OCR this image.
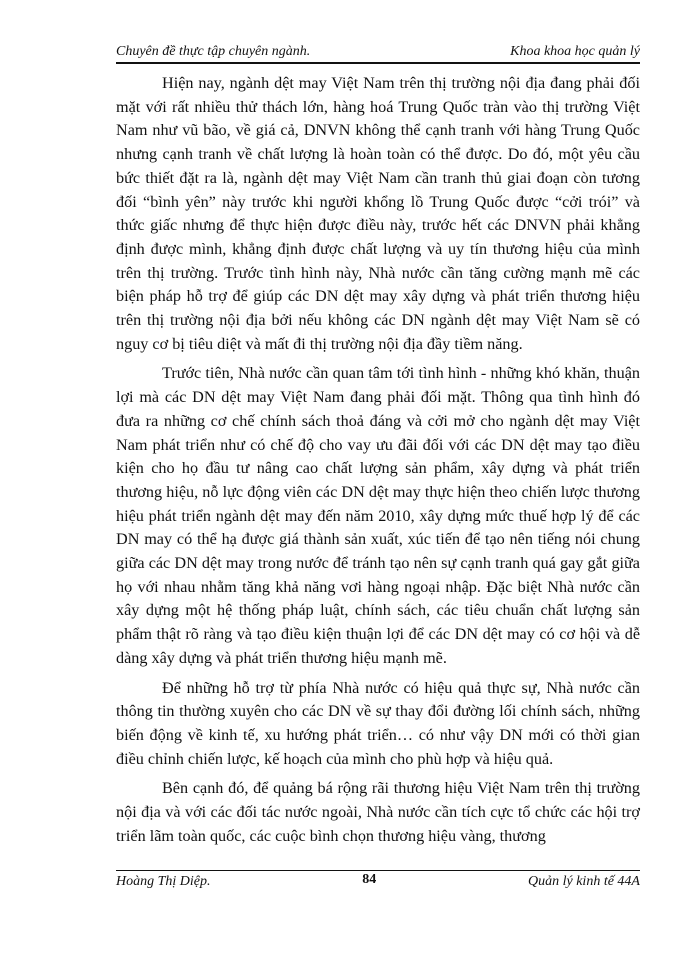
Chuyên đề thực tập chuyên ngành.	Khoa khoa học quản lý

Hiện nay, ngành dệt may Việt Nam trên thị trường nội địa đang phải đối mặt với rất nhiều thử thách lớn, hàng hoá Trung Quốc tràn vào thị trường Việt Nam như vũ bão, về giá cả, DNVN không thể cạnh tranh với hàng Trung Quốc nhưng cạnh tranh về chất lượng là hoàn toàn có thể được. Do đó, một yêu cầu bức thiết đặt ra là, ngành dệt may Việt Nam cần tranh thủ giai đoạn còn tương đối “bình yên” này trước khi người khổng lồ Trung Quốc được “cởi trói” và thức giấc nhưng để thực hiện được điều này, trước hết các DNVN phải khẳng định được mình, khẳng định được chất lượng và uy tín thương hiệu của mình trên thị trường. Trước tình hình này, Nhà nước cần tăng cường mạnh mẽ các biện pháp hỗ trợ để giúp các DN dệt may xây dựng và phát triển thương hiệu trên thị trường nội địa bởi nếu không các DN ngành dệt may Việt Nam sẽ có nguy cơ bị tiêu diệt và mất đi thị trường nội địa đầy tiềm năng.

Trước tiên, Nhà nước cần quan tâm tới tình hình - những khó khăn, thuận lợi mà các DN dệt may Việt Nam đang phải đối mặt. Thông qua tình hình đó đưa ra những cơ chế chính sách thoả đáng và cởi mở cho ngành dệt may Việt Nam phát triển như có chế độ cho vay ưu đãi đối với các DN dệt may tạo điều kiện cho họ đầu tư nâng cao chất lượng sản phẩm, xây dựng và phát triển thương hiệu, nỗ lực động viên các DN dệt may thực hiện theo chiến lược thương hiệu phát triển ngành dệt may đến năm 2010, xây dựng mức thuế hợp lý để các DN may có thể hạ được giá thành sản xuất, xúc tiến để tạo nên tiếng nói chung giữa các DN dệt may trong nước để tránh tạo nên sự cạnh tranh quá gay gắt giữa họ với nhau nhằm tăng khả năng vơi hàng ngoại nhập. Đặc biệt Nhà nước cần xây dựng một hệ thống pháp luật, chính sách, các tiêu chuẩn chất lượng sản phẩm thật rõ ràng và tạo điều kiện thuận lợi để các DN dệt may có cơ hội và dễ dàng xây dựng và phát triển thương hiệu mạnh mẽ.

Để những hỗ trợ từ phía Nhà nước có hiệu quả thực sự, Nhà nước cần thông tin thường xuyên cho các DN về sự thay đổi đường lối chính sách, những biến động về kinh tế, xu hướng phát triển… có như vậy DN mới có thời gian điều chỉnh chiến lược, kế hoạch của mình cho phù hợp và hiệu quả.

Bên cạnh đó, để quảng bá rộng rãi thương hiệu Việt Nam trên thị trường nội địa và với các đối tác nước ngoài, Nhà nước cần tích cực tổ chức các hội trợ triển lãm toàn quốc, các cuộc bình chọn thương hiệu vàng, thương

Hoàng Thị Diệp.	84	Quản lý kinh tế 44A
